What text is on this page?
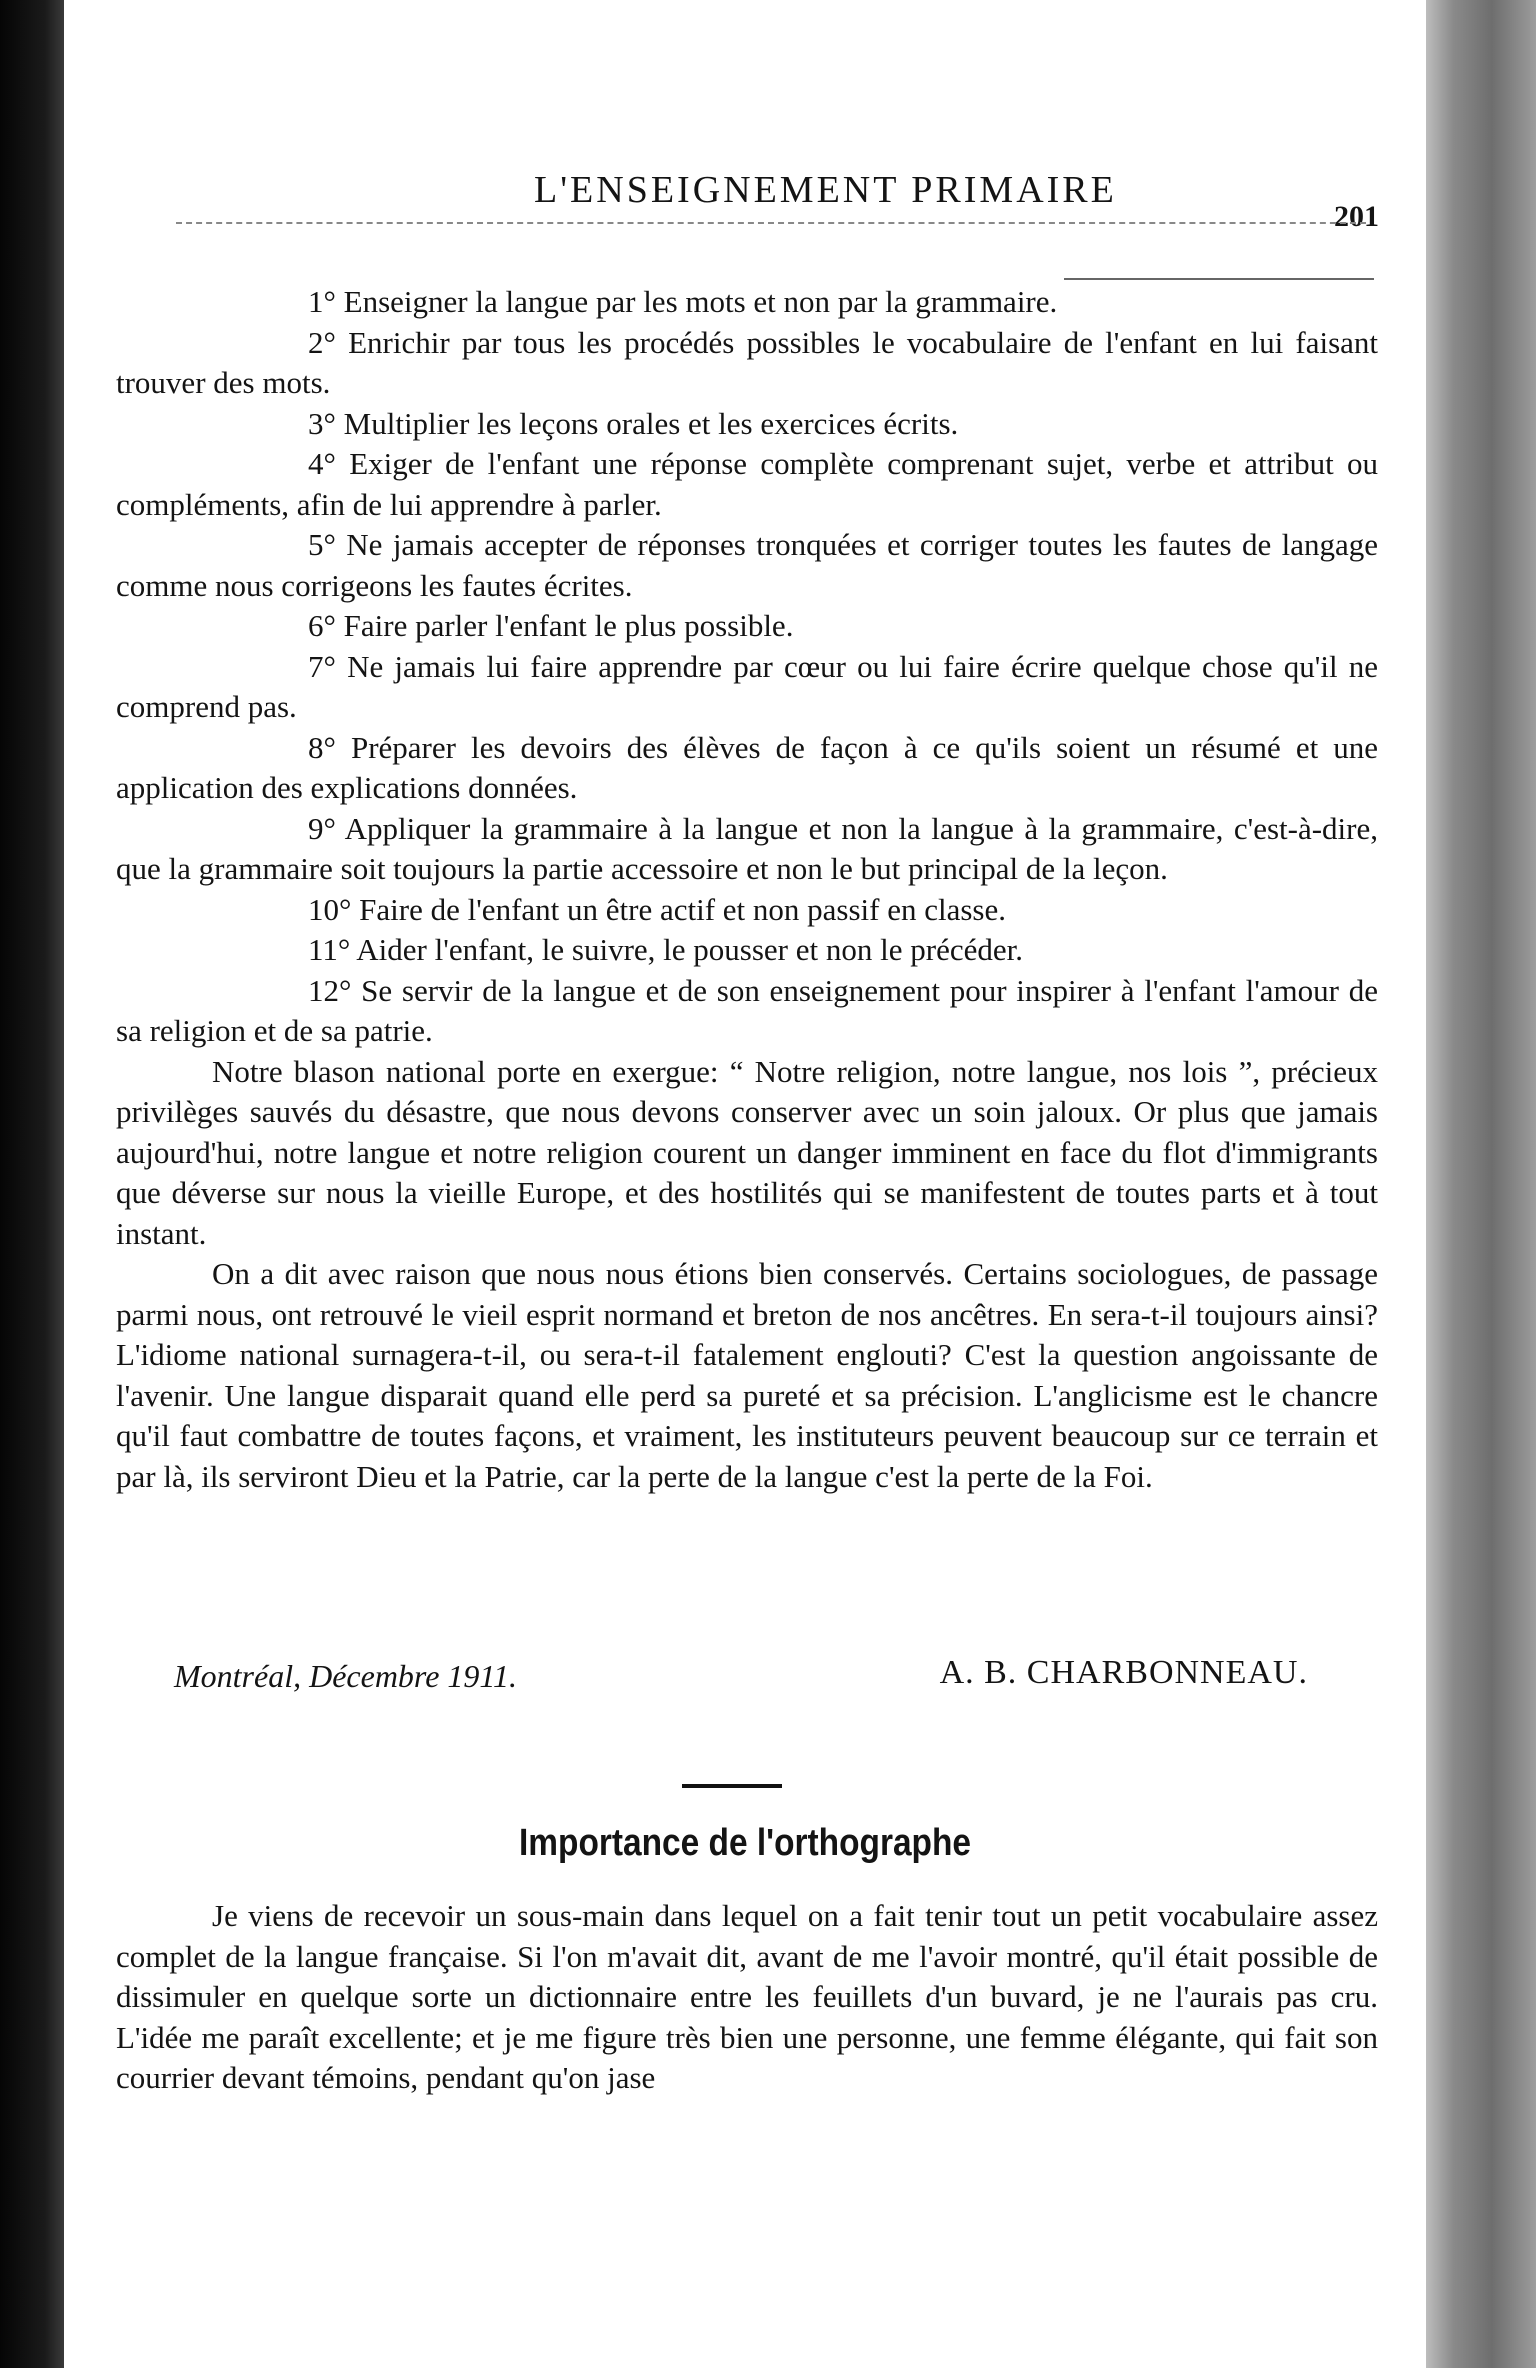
L'ENSEIGNEMENT PRIMAIRE
201

1° Enseigner la langue par les mots et non par la grammaire.

2° Enrichir par tous les procédés possibles le vocabulaire de l'enfant en lui faisant trouver des mots.

3° Multiplier les leçons orales et les exercices écrits.

4° Exiger de l'enfant une réponse complète comprenant sujet, verbe et attribut ou compléments, afin de lui apprendre à parler.

5° Ne jamais accepter de réponses tronquées et corriger toutes les fautes de langage comme nous corrigeons les fautes écrites.

6° Faire parler l'enfant le plus possible.

7° Ne jamais lui faire apprendre par cœur ou lui faire écrire quelque chose qu'il ne comprend pas.

8° Préparer les devoirs des élèves de façon à ce qu'ils soient un résumé et une application des explications données.

9° Appliquer la grammaire à la langue et non la langue à la grammaire, c'est-à-dire, que la grammaire soit toujours la partie accessoire et non le but principal de la leçon.

10° Faire de l'enfant un être actif et non passif en classe.

11° Aider l'enfant, le suivre, le pousser et non le précéder.

12° Se servir de la langue et de son enseignement pour inspirer à l'enfant l'amour de sa religion et de sa patrie.

Notre blason national porte en exergue: “ Notre religion, notre langue, nos lois ”, précieux privilèges sauvés du désastre, que nous devons conserver avec un soin jaloux. Or plus que jamais aujourd'hui, notre langue et notre religion courent un danger imminent en face du flot d'immigrants que déverse sur nous la vieille Europe, et des hostilités qui se manifestent de toutes parts et à tout instant.

On a dit avec raison que nous nous étions bien conservés. Certains sociologues, de passage parmi nous, ont retrouvé le vieil esprit normand et breton de nos ancêtres. En sera-t-il toujours ainsi? L'idiome national surnagera-t-il, ou sera-t-il fatalement englouti? C'est la question angoissante de l'avenir. Une langue disparait quand elle perd sa pureté et sa précision. L'anglicisme est le chancre qu'il faut combattre de toutes façons, et vraiment, les instituteurs peuvent beaucoup sur ce terrain et par là, ils serviront Dieu et la Patrie, car la perte de la langue c'est la perte de la Foi.

Montréal, Décembre 1911.	A. B. CHARBONNEAU.
Importance de l'orthographe

Je viens de recevoir un sous-main dans lequel on a fait tenir tout un petit vocabulaire assez complet de la langue française. Si l'on m'avait dit, avant de me l'avoir montré, qu'il était possible de dissimuler en quelque sorte un dictionnaire entre les feuillets d'un buvard, je ne l'aurais pas cru. L'idée me paraît excellente; et je me figure très bien une personne, une femme élégante, qui fait son courrier devant témoins, pendant qu'on jase
